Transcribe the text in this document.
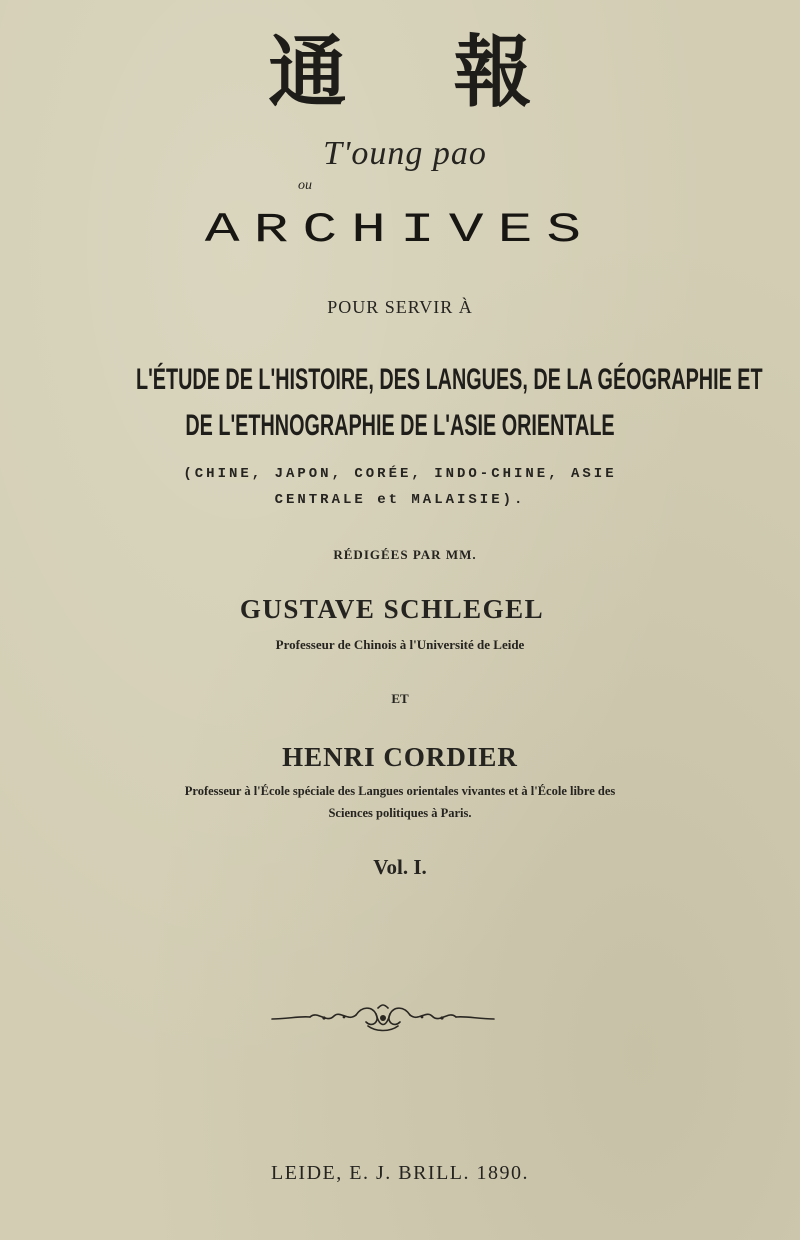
通 報
T'oung pao
ou
ARCHIVES
POUR SERVIR À
L'ÉTUDE DE L'HISTOIRE, DES LANGUES, DE LA GÉOGRAPHIE ET
DE L'ETHNOGRAPHIE DE L'ASIE ORIENTALE
(CHINE, JAPON, CORÉE, INDO-CHINE, ASIE
CENTRALE et MALAISIE).
RÉDIGÉES PAR MM.
GUSTAVE SCHLEGEL
Professeur de Chinois à l'Université de Leide
ET
HENRI CORDIER
Professeur à l'École spéciale des Langues orientales vivantes et à l'École libre des
Sciences politiques à Paris.
Vol. I.
LEIDE, E. J. BRILL. 1890.
